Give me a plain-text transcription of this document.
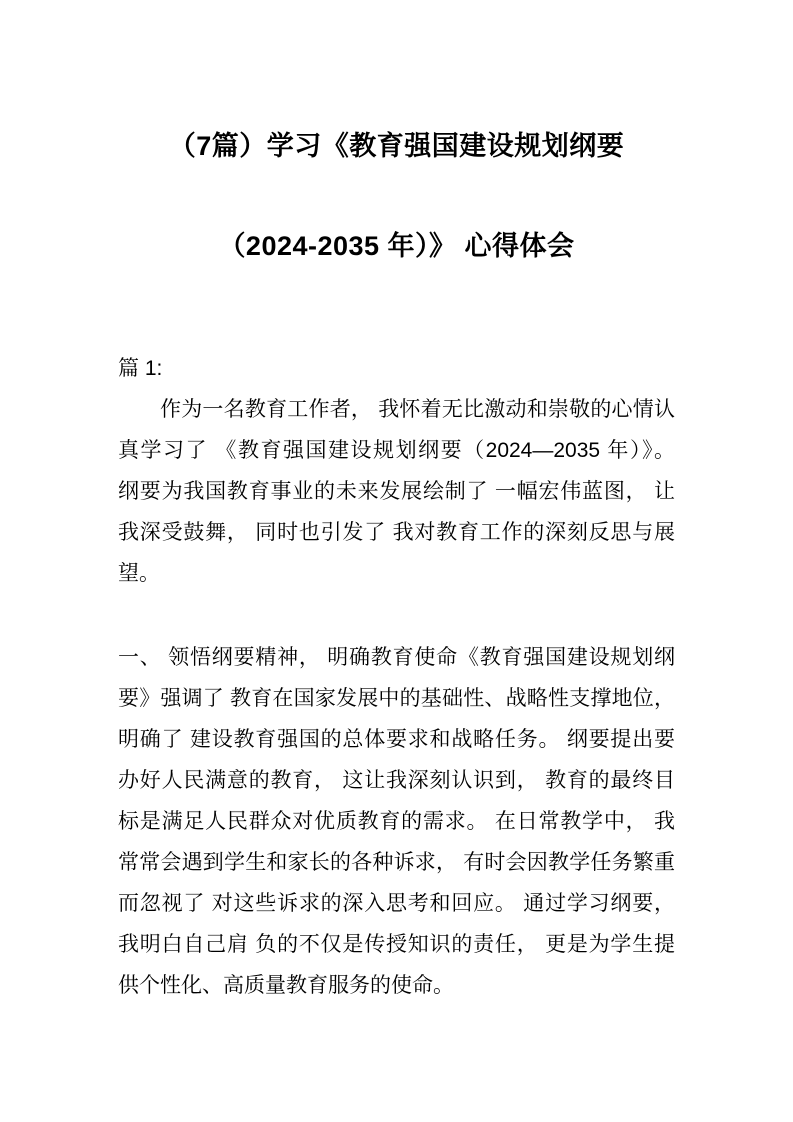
（7篇）学习《教育强国建设规划纲要
（2024-2035 年）》 心得体会
篇 1:
作为一名教育工作者， 我怀着无比激动和崇敬的心情认
真学习了 《教育强国建设规划纲要（2024—2035 年）》。
纲要为我国教育事业的未来发展绘制了 一幅宏伟蓝图， 让
我深受鼓舞， 同时也引发了 我对教育工作的深刻反思与展
望。
一、 领悟纲要精神， 明确教育使命《教育强国建设规划纲
要》强调了 教育在国家发展中的基础性、战略性支撑地位，
明确了 建设教育强国的总体要求和战略任务。 纲要提出要
办好人民满意的教育， 这让我深刻认识到， 教育的最终目
标是满足人民群众对优质教育的需求。 在日常教学中， 我
常常会遇到学生和家长的各种诉求， 有时会因教学任务繁重
而忽视了 对这些诉求的深入思考和回应。 通过学习纲要，
我明白自己肩 负的不仅是传授知识的责任， 更是为学生提
供个性化、高质量教育服务的使命。
